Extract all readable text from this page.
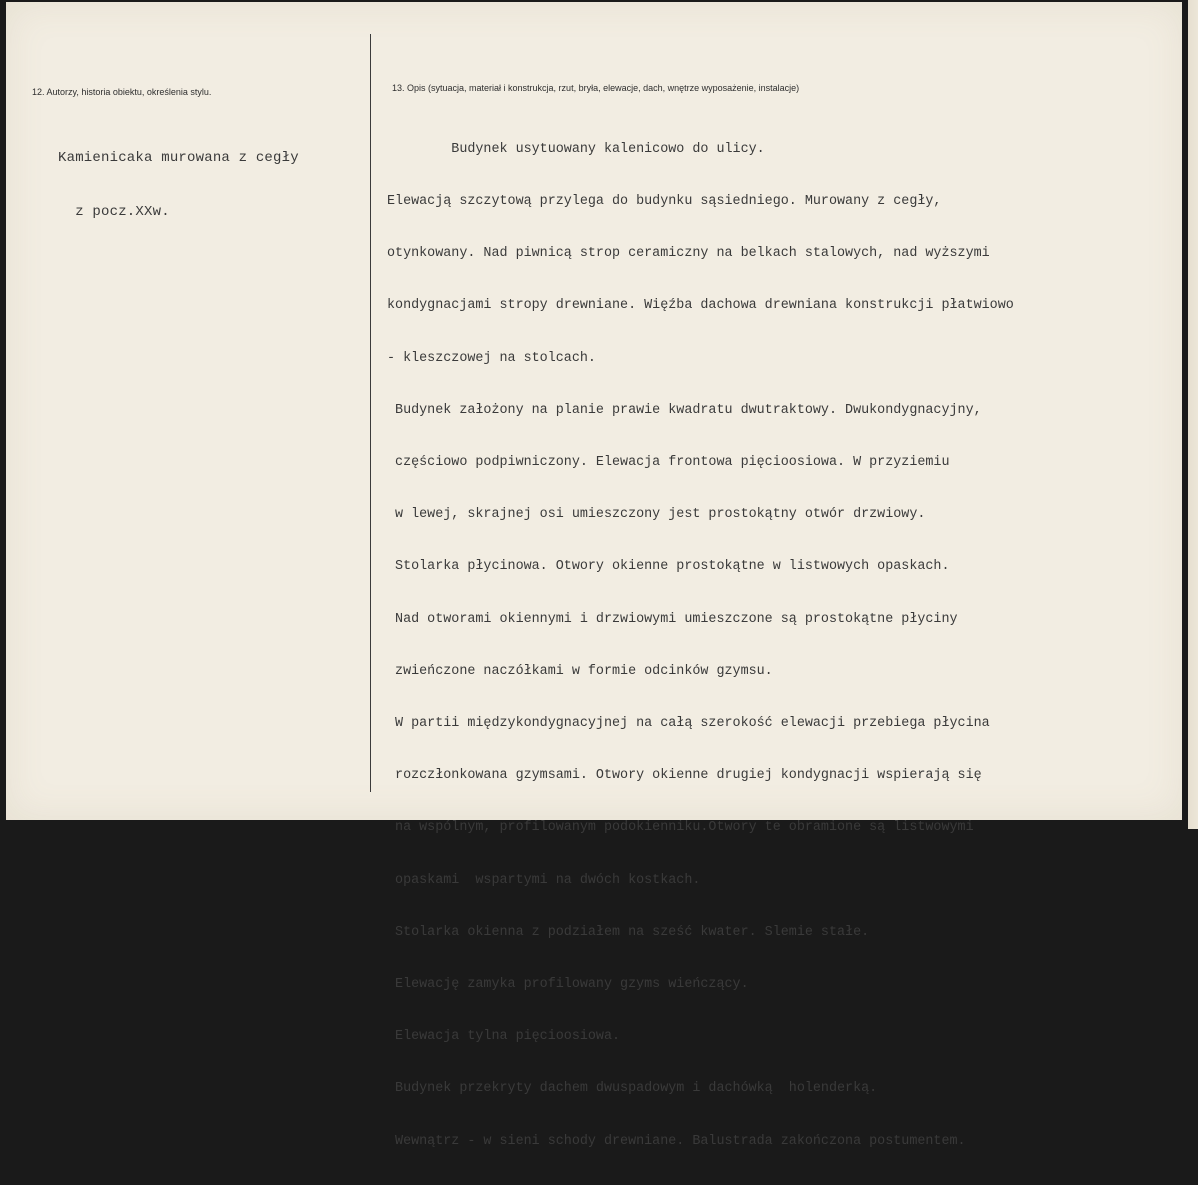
12. Autorzy, historia obiektu, określenia stylu.

Kamienicaka murowana z cegły

z pocz.XXw.

13. Opis (sytuacja, materiał i konstrukcja, rzut, bryła, elewacje, dach, wnętrze wyposażenie, instalacje)

Budynek usytuowany kalenicowo do ulicy.

Elewacją szczytową przylega do budynku sąsiedniego. Murowany z cegły,

otynkowany. Nad piwnicą strop ceramiczny na belkach stalowych, nad wyższymi

kondygnacjami stropy drewniane. Więźba dachowa drewniana konstrukcji płatwiowo

- kleszczowej na stolcach.

Budynek założony na planie prawie kwadratu dwutraktowy. Dwukondygnacyjny,

częściowo podpiwniczony. Elewacja frontowa pięcioosiowa. W przyziemiu

w lewej, skrajnej osi umieszczony jest prostokątny otwór drzwiowy.

Stolarka płycinowa. Otwory okienne prostokątne w listwowych opaskach.

Nad otworami okiennymi i drzwiowymi umieszczone są prostokątne płyciny

zwieńczone naczółkami w formie odcinków gzymsu.

W partii międzykondygnacyjnej na całą szerokość elewacji przebiega płycina

rozczłonkowana gzymsami. Otwory okienne drugiej kondygnacji wspierają się

na wspólnym, profilowanym podokienniku.Otwory te obramione są listwowymi

opaskami  wspartymi na dwóch kostkach.

Stolarka okienna z podziałem na sześć kwater. Slemie stałe.

Elewację zamyka profilowany gzyms wieńczący.

Elewacja tylna pięcioosiowa.

Budynek przekryty dachem dwuspadowym i dachówką  holenderką.

Wewnątrz - w sieni schody drewniane. Balustrada zakończona postumentem.
